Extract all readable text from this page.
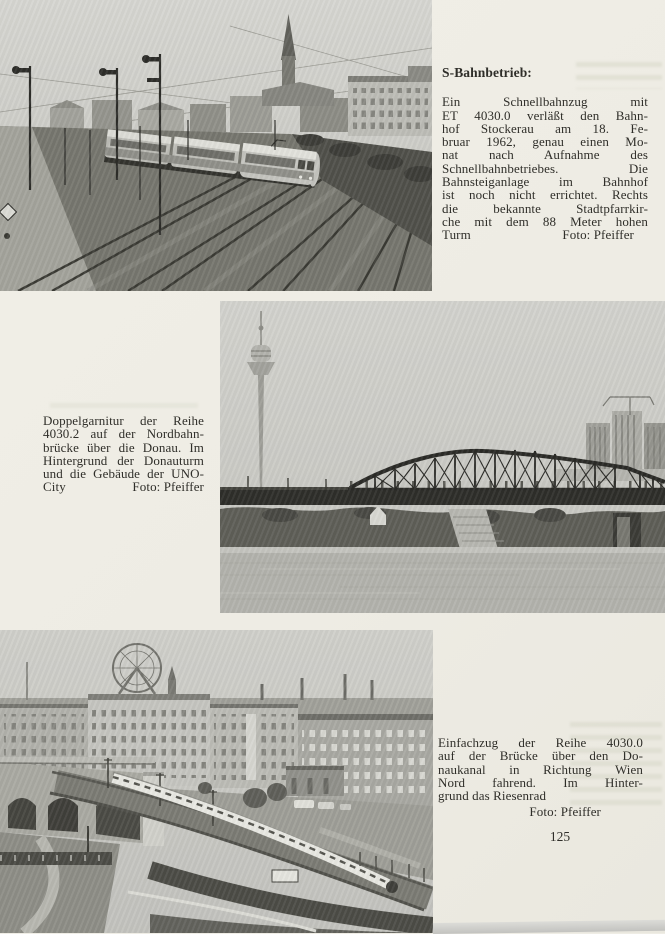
S-Bahnbetrieb:
Ein Schnellbahnzug mit
ET 4030.0 verläßt den Bahn-
hof Stockerau am 18. Fe-
bruar 1962, genau einen Mo-
nat nach Aufnahme des
Schnellbahnbetriebes. Die
Bahnsteiganlage im Bahnhof
ist noch nicht errichtet. Rechts
die bekannte Stadtpfarrkir-
che mit dem 88 Meter hohen
Turm	Foto: Pfeiffer
Doppelgarnitur der Reihe
4030.2 auf der Nordbahn-
brücke über die Donau. Im
Hintergrund der Donauturm
und die Gebäude der UNO-
City	Foto: Pfeiffer
Einfachzug der Reihe 4030.0
auf der Brücke über den Do-
naukanal in Richtung Wien
Nord fahrend. Im Hinter-
grund das Riesenrad
Foto: Pfeiffer
125
